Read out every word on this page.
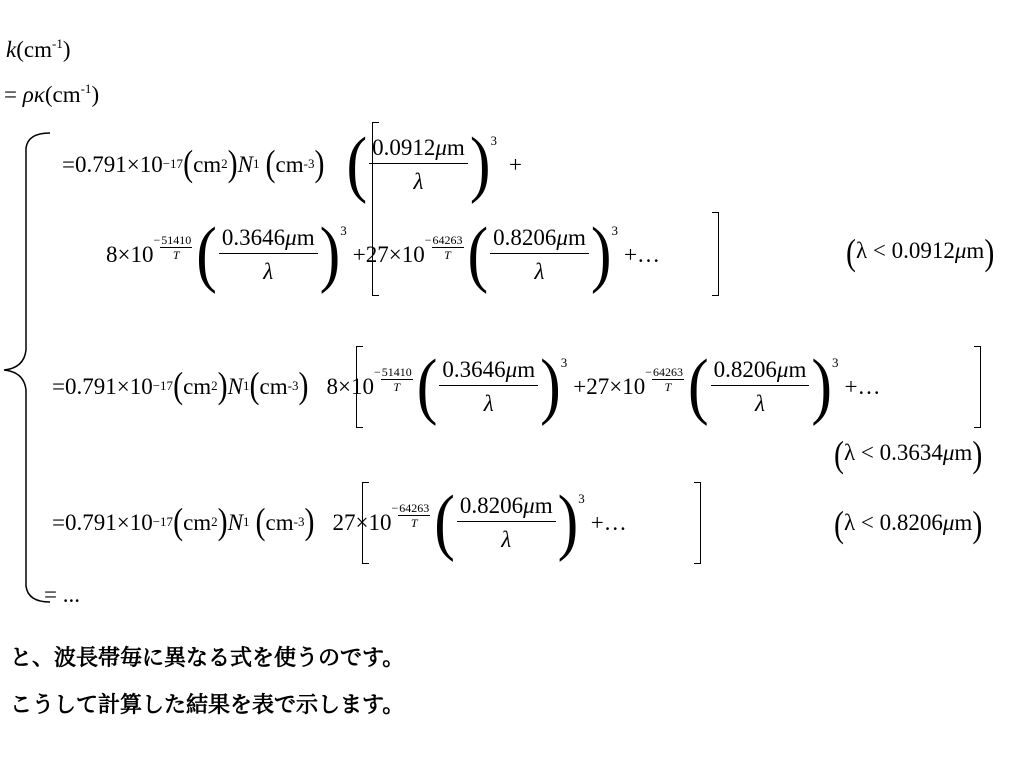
$k(cm^{-1})$
= $\rho\kappa(cm^{-1})$
= 0.791×10 −17 ( cm 2 ) N 1 ( cm -3 ) ( $\frac{0.0912\mu m}{\lambda}$ ) 3
+
8×10
− $\frac{51410}{T}$ ( $\frac{0.3646\mu m}{\lambda}$ ) 3
+ 27×10
− $\frac{64263}{T}$ ( $\frac{0.8206\mu m}{\lambda}$ ) 3
+…	(λ < 0.0912μm)
= 0.791×10 −17 ( cm 2 ) N 1 ( cm -3 ) 8×10
− $\frac{51410}{T}$ ( $\frac{0.3646\mu m}{\lambda}$ ) 3
+ 27×10
− $\frac{64263}{T}$ ( $\frac{0.8206\mu m}{\lambda}$ ) 3
+…
(λ < 0.3634μm)
= 0.791×10 −17 ( cm 2 ) N 1 ( cm -3 ) 27×10
− $\frac{64263}{T}$ ( $\frac{0.8206\mu m}{\lambda}$ ) 3
+…	(λ < 0.8206μm)
= ...
と、波長帯毎に異なる式を使うのです。
こうして計算した結果を表で示します。
